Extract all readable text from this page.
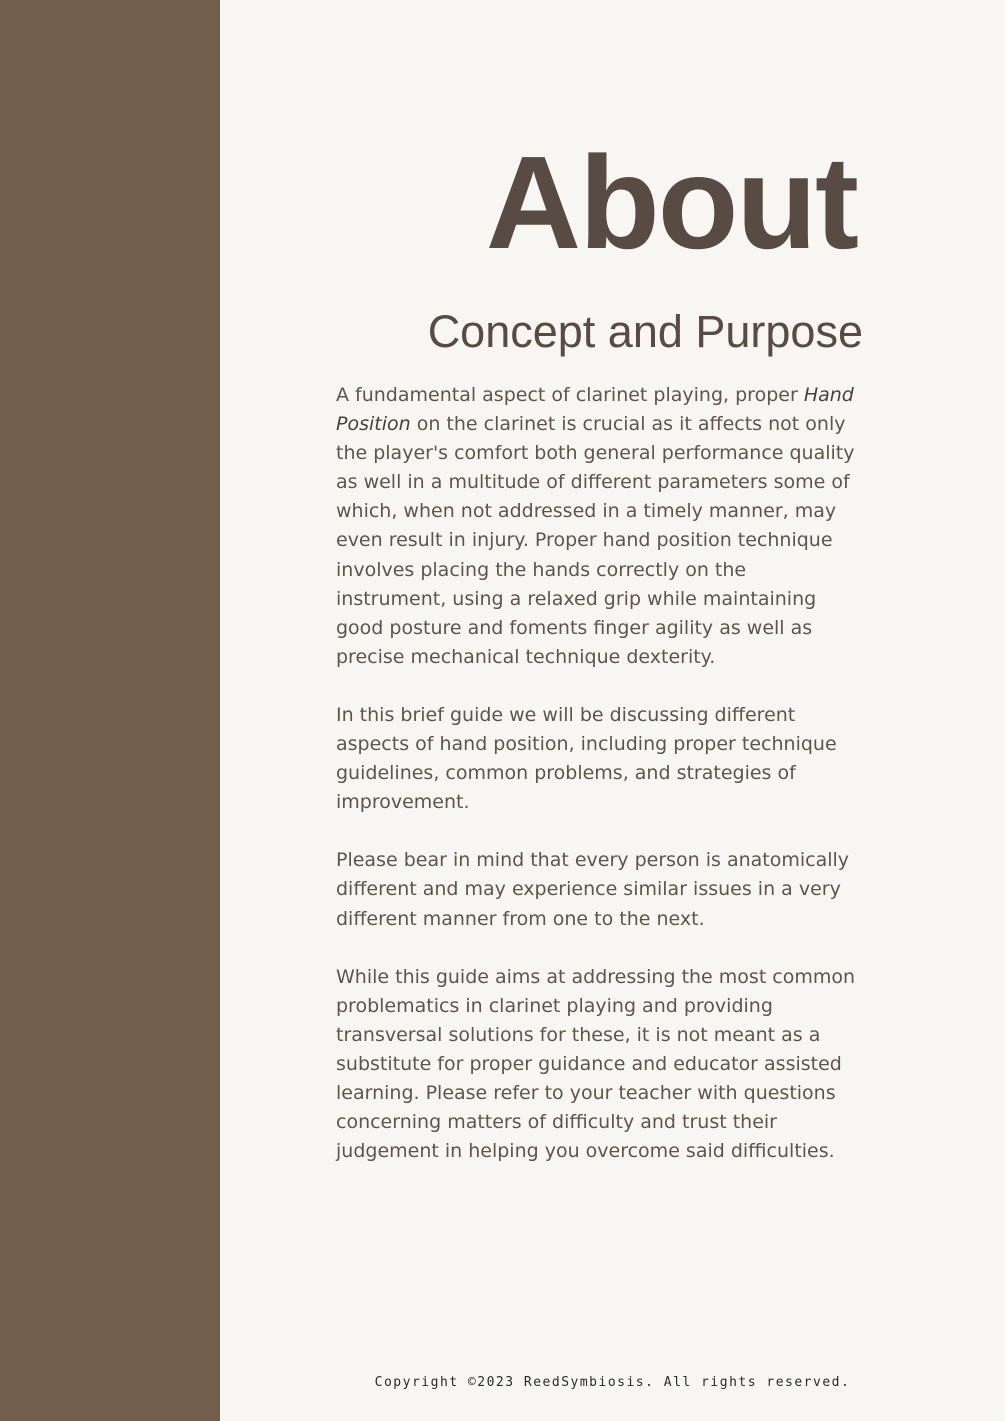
About
Concept and Purpose

A fundamental aspect of clarinet playing, proper Hand Position on the clarinet is crucial as it affects not only the player's comfort both general performance quality as well in a multitude of different parameters some of which, when not addressed in a timely manner, may even result in injury. Proper hand position technique involves placing the hands correctly on the instrument, using a relaxed grip while maintaining good posture and foments finger agility as well as precise mechanical technique dexterity.

In this brief guide we will be discussing different aspects of hand position, including proper technique guidelines, common problems, and strategies of improvement.

Please bear in mind that every person is anatomically different and may experience similar issues in a very different manner from one to the next.

While this guide aims at addressing the most common problematics in clarinet playing and providing transversal solutions for these, it is not meant as a substitute for proper guidance and educator assisted learning. Please refer to your teacher with questions concerning matters of difficulty and trust their judgement in helping you overcome said difficulties.

Copyright ©2023 ReedSymbiosis. All rights reserved.
